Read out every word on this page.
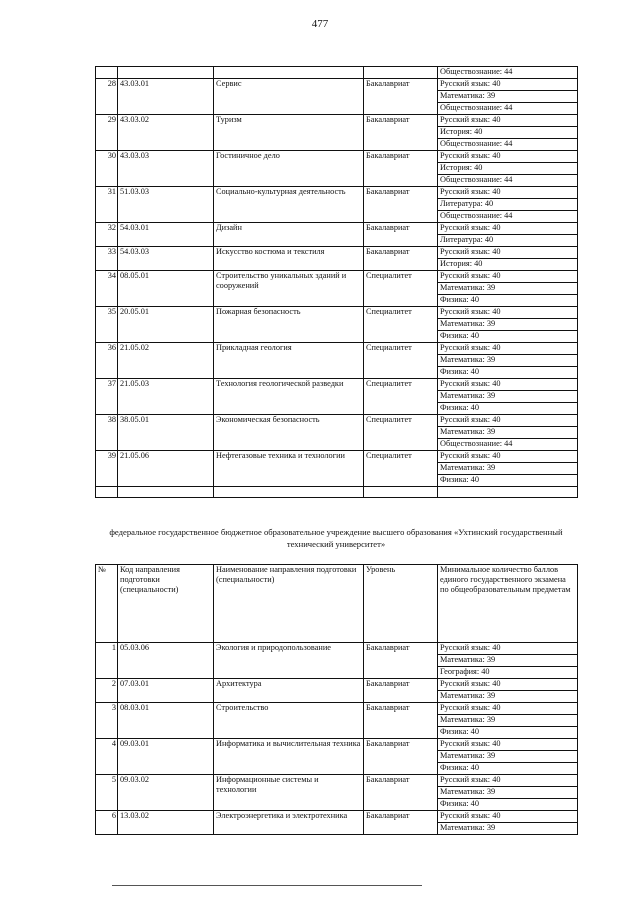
477

				Обществознание: 44

28	43.03.01	Сервис	Бакалавриат	Русский язык: 40
Математика: 39
Обществознание: 44

29	43.03.02	Туризм	Бакалавриат	Русский язык: 40
История: 40
Обществознание: 44

30	43.03.03	Гостиничное дело	Бакалавриат	Русский язык: 40
История: 40
Обществознание: 44

31	51.03.03	Социально-культурная деятельность	Бакалавриат	Русский язык: 40
Литература: 40
Обществознание: 44

32	54.03.01	Дизайн	Бакалавриат	Русский язык: 40
Литература: 40

33	54.03.03	Искусство костюма и текстиля	Бакалавриат	Русский язык: 40
История: 40

34	08.05.01	Строительство уникальных зданий и сооружений	Специалитет	Русский язык: 40
Математика: 39
Физика: 40

35	20.05.01	Пожарная безопасность	Специалитет	Русский язык: 40
Математика: 39
Физика: 40

36	21.05.02	Прикладная геология	Специалитет	Русский язык: 40
Математика: 39
Физика: 40

37	21.05.03	Технология геологической разведки	Специалитет	Русский язык: 40
Математика: 39
Физика: 40

38	38.05.01	Экономическая безопасность	Специалитет	Русский язык: 40
Математика: 39
Обществознание: 44

39	21.05.06	Нефтегазовые техника и технологии	Специалитет	Русский язык: 40
Математика: 39
Физика: 40

федеральное государственное бюджетное образовательное учреждение высшего образования «Ухтинский государственный технический университет»
№	Код направления подготовки (специальности)	Наименование направления подготовки (специальности)	Уровень	Минимальное количество баллов единого государственного экзамена по общеобразовательным предметам
1	05.03.06	Экология и природопользование	Бакалавриат	Русский язык: 40
Математика: 39
География: 40

2	07.03.01	Архитектура	Бакалавриат	Русский язык: 40
Математика: 39

3	08.03.01	Строительство	Бакалавриат	Русский язык: 40
Математика: 39
Физика: 40

4	09.03.01	Информатика и вычислительная техника	Бакалавриат	Русский язык: 40
Математика: 39
Физика: 40

5	09.03.02	Информационные системы и технологии	Бакалавриат	Русский язык: 40
Математика: 39
Физика: 40

6	13.03.02	Электроэнергетика и электротехника	Бакалавриат	Русский язык: 40
Математика: 39
